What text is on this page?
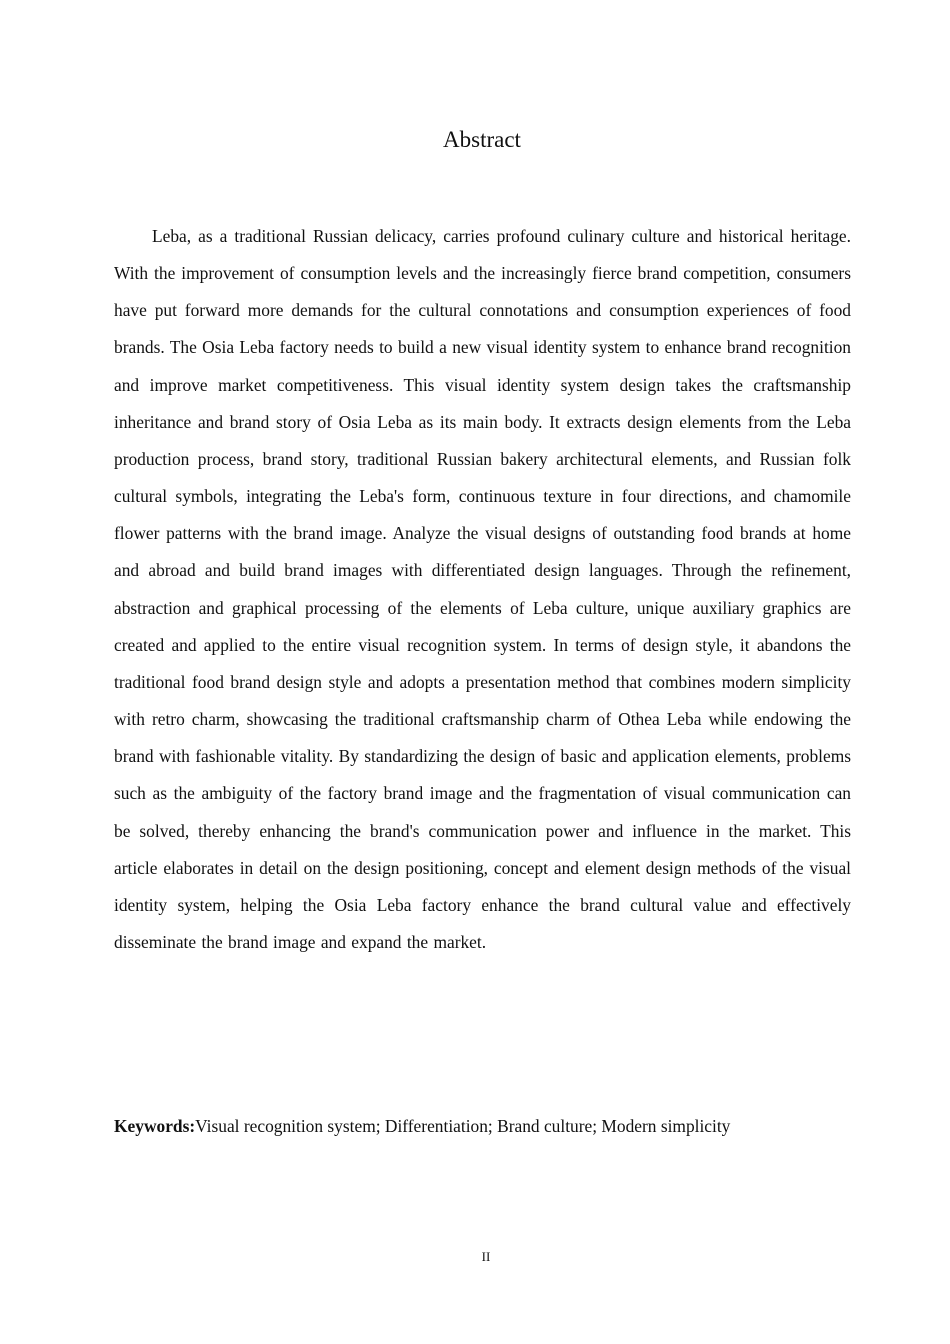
Abstract

Leba, as a traditional Russian delicacy, carries profound culinary culture and historical heritage. With the improvement of consumption levels and the increasingly fierce brand competition, consumers have put forward more demands for the cultural connotations and consumption experiences of food brands. The Osia Leba factory needs to build a new visual identity system to enhance brand recognition and improve market competitiveness. This visual identity system design takes the craftsmanship inheritance and brand story of Osia Leba as its main body. It extracts design elements from the Leba production process, brand story, traditional Russian bakery architectural elements, and Russian folk cultural symbols, integrating the Leba's form, continuous texture in four directions, and chamomile flower patterns with the brand image. Analyze the visual designs of outstanding food brands at home and abroad and build brand images with differentiated design languages. Through the refinement, abstraction and graphical processing of the elements of Leba culture, unique auxiliary graphics are created and applied to the entire visual recognition system. In terms of design style, it abandons the traditional food brand design style and adopts a presentation method that combines modern simplicity with retro charm, showcasing the traditional craftsmanship charm of Othea Leba while endowing the brand with fashionable vitality. By standardizing the design of basic and application elements, problems such as the ambiguity of the factory brand image and the fragmentation of visual communication can be solved, thereby enhancing the brand's communication power and influence in the market. This article elaborates in detail on the design positioning, concept and element design methods of the visual identity system, helping the Osia Leba factory enhance the brand cultural value and effectively disseminate the brand image and expand the market.

Keywords:Visual recognition system; Differentiation; Brand culture; Modern simplicity

II
